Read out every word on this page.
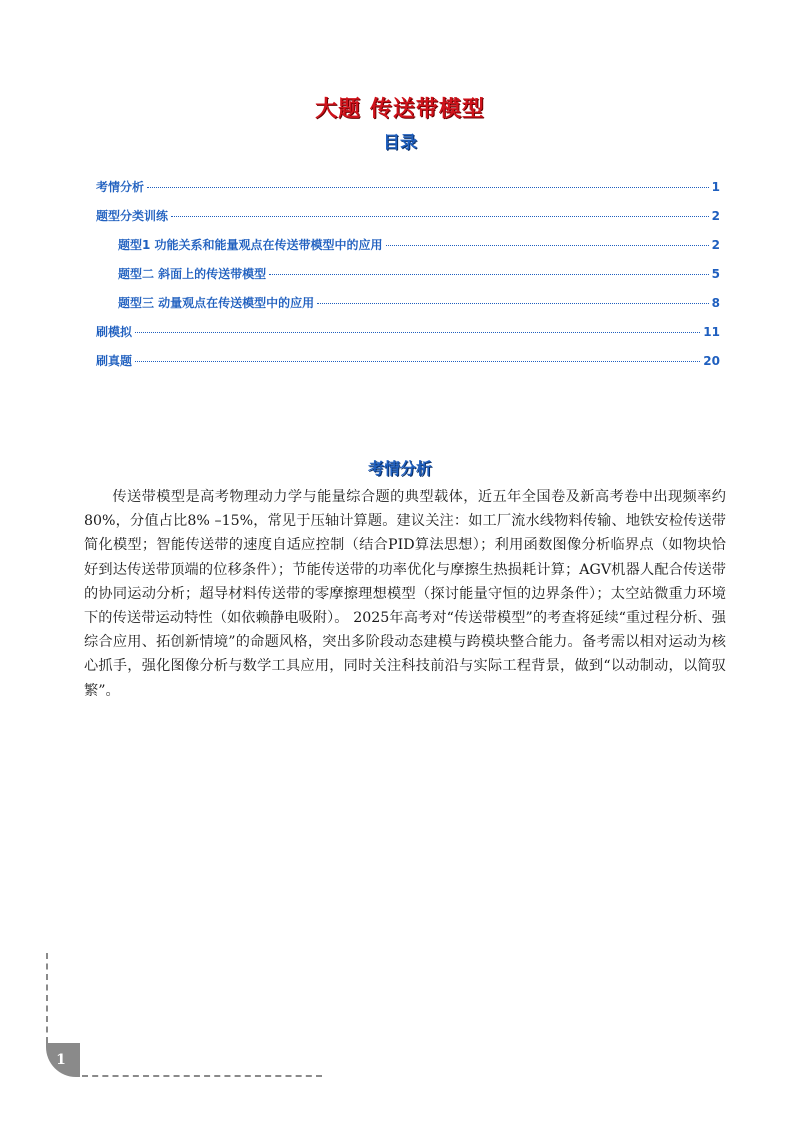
大题 传送带模型
目录
考情分析	1
题型分类训练	2
题型1 功能关系和能量观点在传送带模型中的应用	2
题型二 斜面上的传送带模型	5
题型三 动量观点在传送模型中的应用	8
刷模拟	11
刷真题	20
考情分析
传送带模型是高考物理动力学与能量综合题的典型载体，近五年全国卷及新高考卷中出现频率约80%，分值占比8% –15%，常见于压轴计算题。建议关注：如工厂流水线物料传输、地铁安检传送带简化模型；智能传送带的速度自适应控制（结合PID算法思想）；利用函数图像分析临界点（如物块恰好到达传送带顶端的位移条件）；节能传送带的功率优化与摩擦生热损耗计算；AGV机器人配合传送带的协同运动分析；超导材料传送带的零摩擦理想模型（探讨能量守恒的边界条件）；太空站微重力环境下的传送带运动特性（如依赖静电吸附）。 2025年高考对“传送带模型”的考查将延续“重过程分析、强综合应用、拓创新情境”的命题风格，突出多阶段动态建模与跨模块整合能力。备考需以相对运动为核心抓手，强化图像分析与数学工具应用，同时关注科技前沿与实际工程背景，做到“以动制动，以简驭繁”。
1
